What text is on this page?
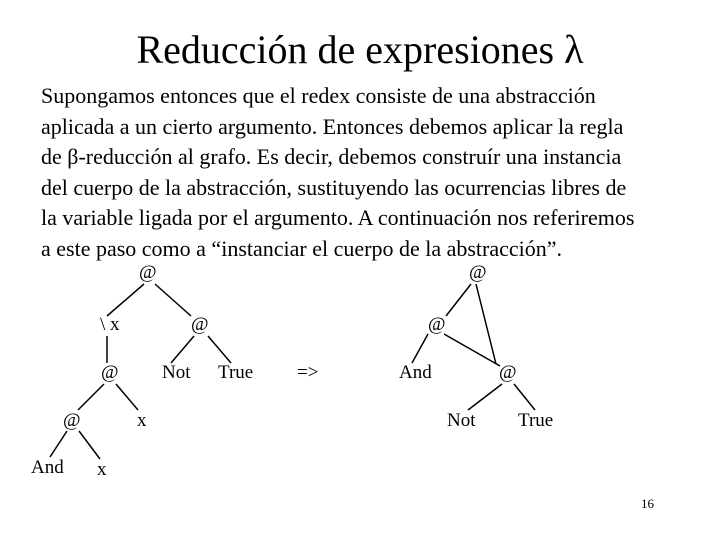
Reducción de expresiones λ
Supongamos entonces que el redex consiste de una abstracción
aplicada a un cierto argumento. Entonces debemos aplicar la regla
de β-reducción al grafo. Es decir, debemos construír una instancia
del cuerpo de la abstracción, sustituyendo las ocurrencias libres de
la variable ligada por el argumento. A continuación nos referiremos
a este paso como a “instanciar el cuerpo de la abstracción”.
@
\ x	@
@ Not True
@	x
And x
=>
@
@
And	@
Not True
16
